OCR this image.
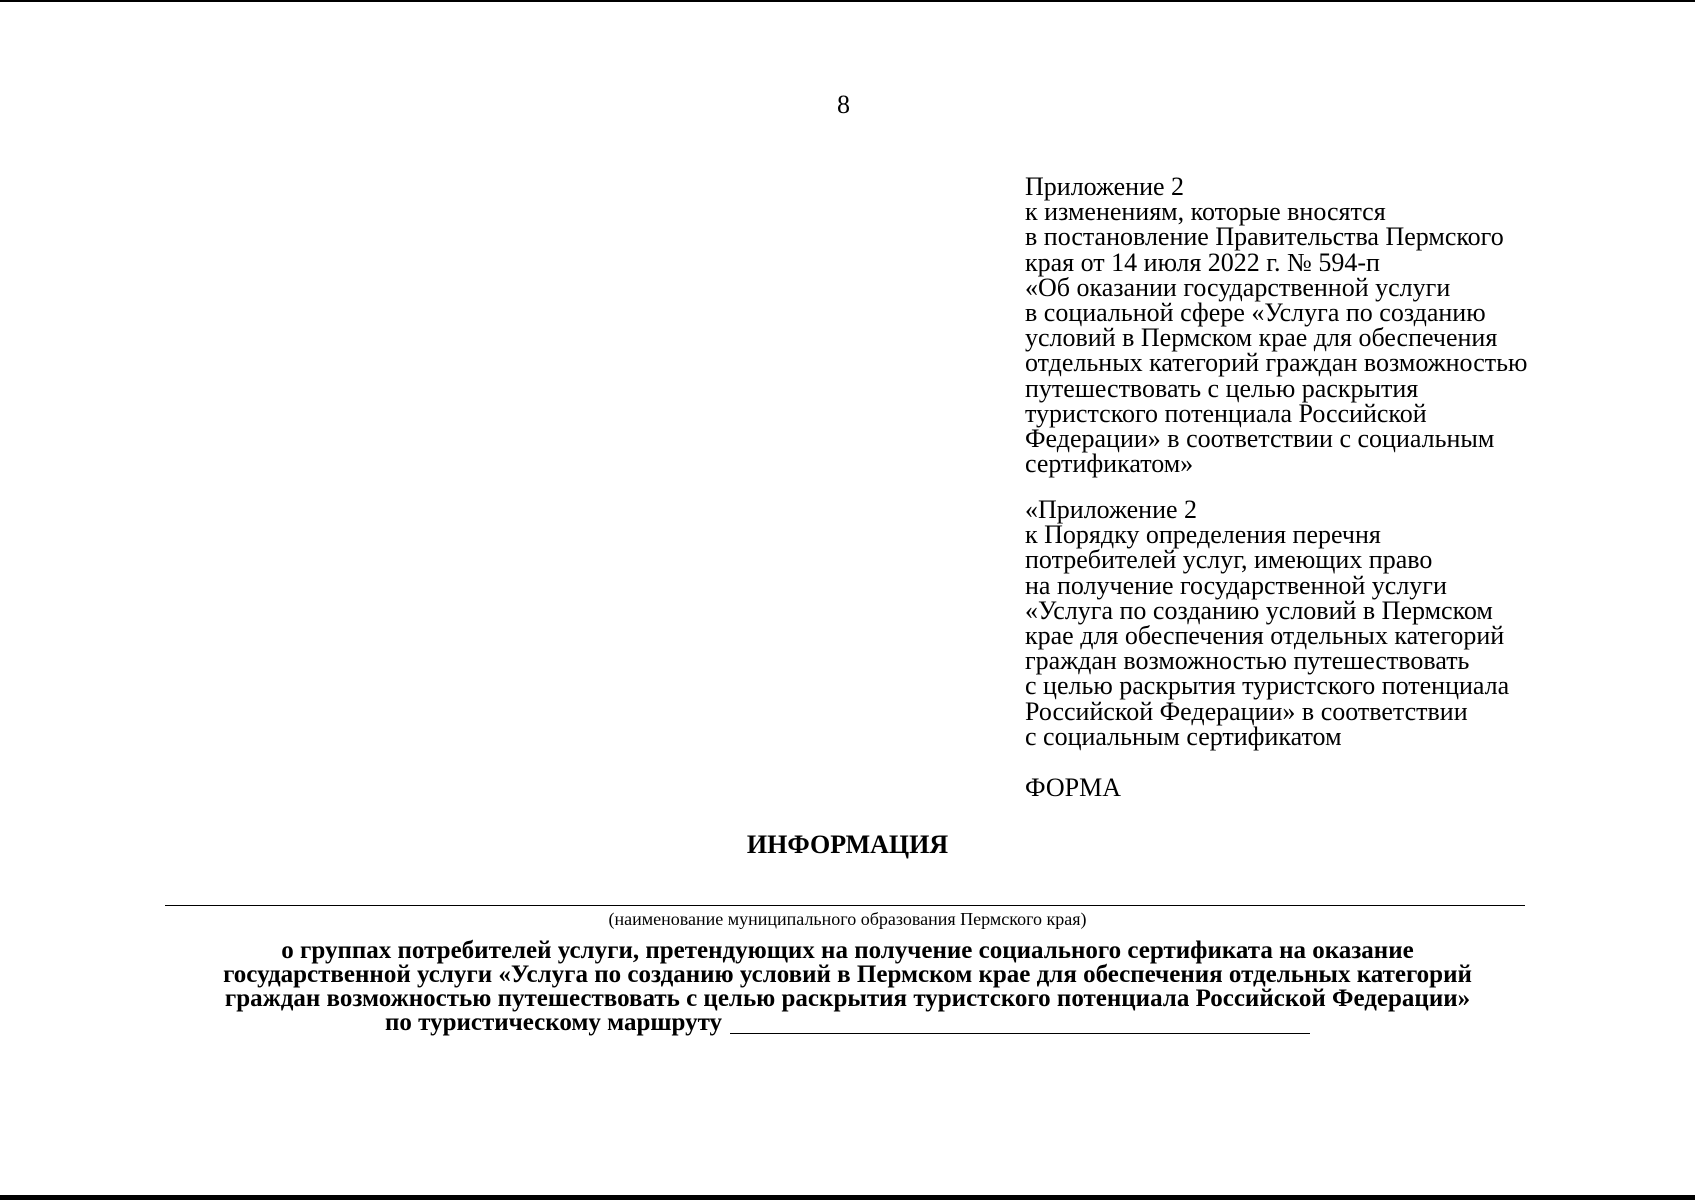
8
Приложение 2
к изменениям, которые вносятся
в постановление Правительства Пермского
края от 14 июля 2022 г. № 594-п
«Об оказании государственной услуги
в социальной сфере «Услуга по созданию
условий в Пермском крае для обеспечения
отдельных категорий граждан возможностью
путешествовать с целью раскрытия
туристского потенциала Российской
Федерации» в соответствии с социальным
сертификатом»
«Приложение 2
к Порядку определения перечня
потребителей услуг, имеющих право
на получение государственной услуги
«Услуга по созданию условий в Пермском
крае для обеспечения отдельных категорий
граждан возможностью путешествовать
с целью раскрытия туристского потенциала
Российской Федерации» в соответствии
с социальным сертификатом
ФОРМА
ИНФОРМАЦИЯ
(наименование муниципального образования Пермского края)
о группах потребителей услуги, претендующих на получение социального сертификата на оказание
государственной услуги «Услуга по созданию условий в Пермском крае для обеспечения отдельных категорий
граждан возможностью путешествовать с целью раскрытия туристского потенциала Российской Федерации»
по туристическому маршруту
